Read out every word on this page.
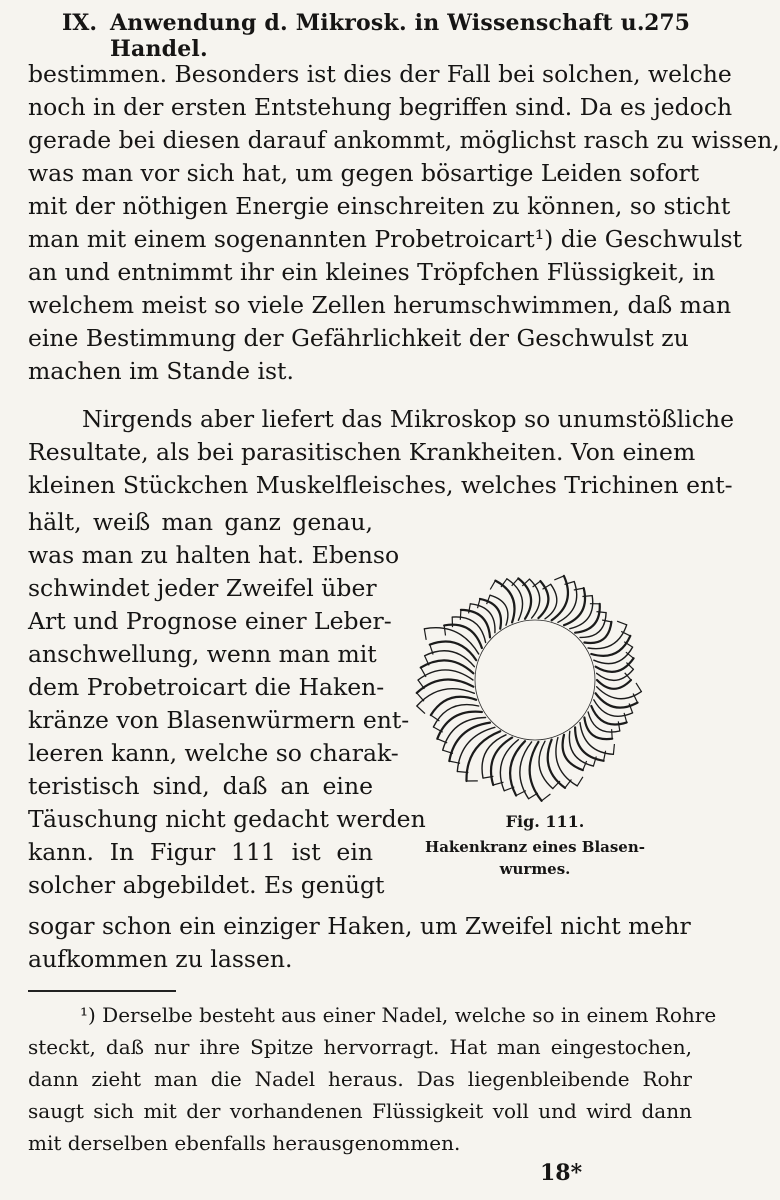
IX. Anwendung d. Mikrosk. in Wissenschaft u. Handel.
275
bestimmen. Besonders ist dies der Fall bei solchen, welche
noch in der ersten Entstehung begriffen sind. Da es jedoch
gerade bei diesen darauf ankommt, möglichst rasch zu wissen,
was man vor sich hat, um gegen bösartige Leiden sofort
mit der nöthigen Energie einschreiten zu können, so sticht
man mit einem sogenannten Probetroicart¹) die Geschwulst
an und entnimmt ihr ein kleines Tröpfchen Flüssigkeit, in
welchem meist so viele Zellen herumschwimmen, daß man
eine Bestimmung der Gefährlichkeit der Geschwulst zu
machen im Stande ist.
Nirgends aber liefert das Mikroskop so unumstößliche
Resultate, als bei parasitischen Krankheiten. Von einem
kleinen Stückchen Muskelfleisches, welches Trichinen ent-
hält, weiß man ganz genau,
was man zu halten hat. Ebenso
schwindet jeder Zweifel über
Art und Prognose einer Leber-
anschwellung, wenn man mit
dem Probetroicart die Haken-
kränze von Blasenwürmern ent-
leeren kann, welche so charak-
teristisch sind, daß an eine
Täuschung nicht gedacht werden
kann. In Figur 111 ist ein
solcher abgebildet. Es genügt
sogar schon ein einziger Haken, um Zweifel nicht mehr
aufkommen zu lassen.
Fig. 111.
Hakenkranz eines Blasen-
wurmes.
¹) Derselbe besteht aus einer Nadel, welche so in einem Rohre
steckt, daß nur ihre Spitze hervorragt. Hat man eingestochen,
dann zieht man die Nadel heraus. Das liegenbleibende Rohr
saugt sich mit der vorhandenen Flüssigkeit voll und wird dann
mit derselben ebenfalls herausgenommen.
18*
